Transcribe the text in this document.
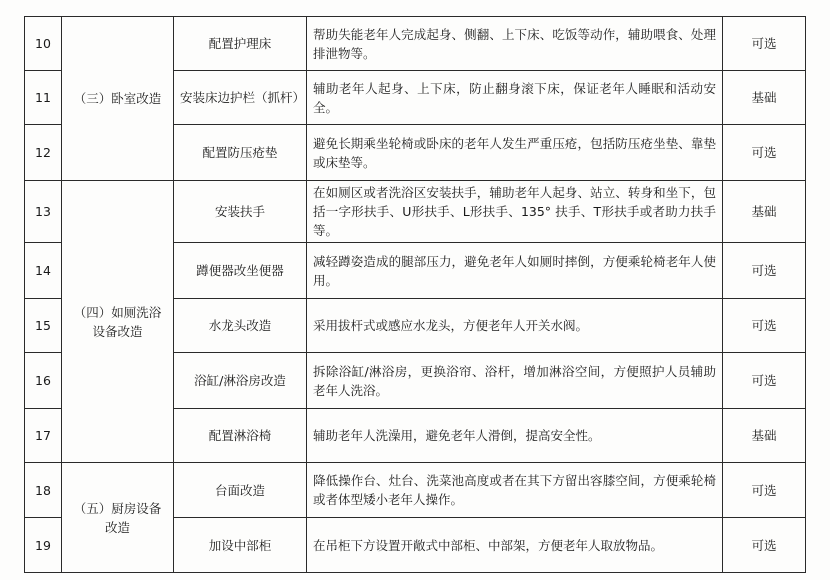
10	（三）卧室改造	配置护理床	帮助失能老年人完成起身、侧翻、上下床、吃饭等动作，辅助喂食、处理排泄物等。	可选
11		安装床边护栏（抓杆）	辅助老年人起身、上下床，防止翻身滚下床，保证老年人睡眠和活动安全。	基础
12		配置防压疮垫	避免长期乘坐轮椅或卧床的老年人发生严重压疮，包括防压疮坐垫、靠垫或床垫等。	可选
13	（四）如厕洗浴设备改造	安装扶手	在如厕区或者洗浴区安装扶手，辅助老年人起身、站立、转身和坐下，包括一字形扶手、U形扶手、L形扶手、135° 扶手、T形扶手或者助力扶手等。	基础
14		蹲便器改坐便器	减轻蹲姿造成的腿部压力，避免老年人如厕时摔倒，方便乘轮椅老年人使用。	可选
15		水龙头改造	采用拔杆式或感应水龙头，方便老年人开关水阀。	可选
16		浴缸/淋浴房改造	拆除浴缸/淋浴房，更换浴帘、浴杆，增加淋浴空间，方便照护人员辅助老年人洗浴。	可选
17		配置淋浴椅	辅助老年人洗澡用，避免老年人滑倒，提高安全性。	基础
18	（五）厨房设备改造	台面改造	降低操作台、灶台、洗菜池高度或者在其下方留出容膝空间，方便乘轮椅或者体型矮小老年人操作。	可选
19		加设中部柜	在吊柜下方设置开敞式中部柜、中部架，方便老年人取放物品。	可选
